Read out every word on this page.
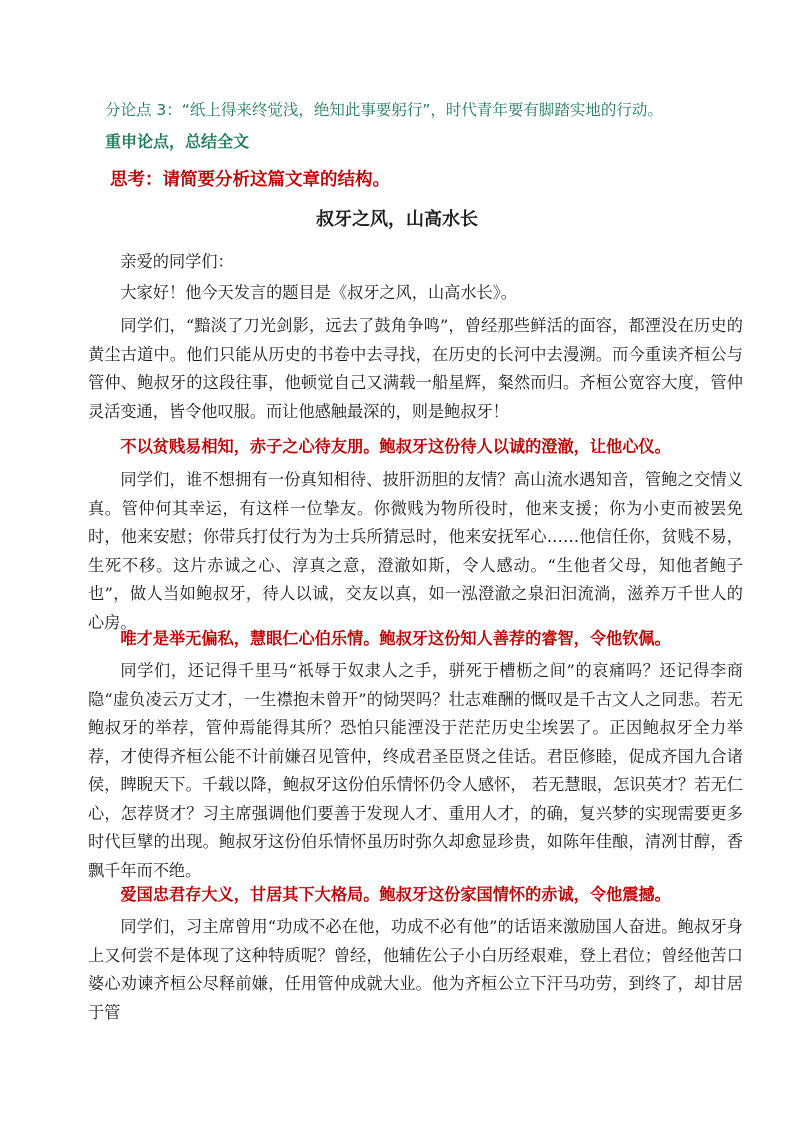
分论点 3：“纸上得来终觉浅，绝知此事要躬行”，时代青年要有脚踏实地的行动。
重申论点，总结全文
思考：请简要分析这篇文章的结构。
叔牙之风，山高水长
亲爱的同学们：
大家好！他今天发言的题目是《叔牙之风，山高水长》。
同学们，“黯淡了刀光剑影，远去了鼓角争鸣”，曾经那些鲜活的面容，都湮没在历史的黄尘古道中。他们只能从历史的书卷中去寻找，在历史的长河中去漫溯。而今重读齐桓公与管仲、鲍叔牙的这段往事，他顿觉自己又满载一船星辉，粲然而归。齐桓公宽容大度，管仲灵活变通，皆令他叹服。而让他感触最深的，则是鲍叔牙！
不以贫贱易相知，赤子之心待友朋。鲍叔牙这份待人以诚的澄澈，让他心仪。
同学们，谁不想拥有一份真知相待、披肝沥胆的友情？高山流水遇知音，管鲍之交情义真。管仲何其幸运，有这样一位挚友。你微贱为物所役时，他来支援；你为小吏而被罢免时，他来安慰；你带兵打仗行为为士兵所猜忌时，他来安抚军心……他信任你，贫贱不易，生死不移。这片赤诚之心、淳真之意，澄澈如斯，令人感动。“生他者父母，知他者鲍子也”，做人当如鲍叔牙，待人以诚，交友以真，如一泓澄澈之泉汩汩流淌，滋养万千世人的心房。
唯才是举无偏私，慧眼仁心伯乐情。鲍叔牙这份知人善荐的睿智，令他钦佩。
同学们，还记得千里马“祇辱于奴隶人之手，骈死于槽枥之间”的哀痛吗？还记得李商隐“虚负凌云万丈才，一生襟抱未曾开”的恸哭吗？壮志难酬的慨叹是千古文人之同悲。若无鲍叔牙的举荐，管仲焉能得其所？恐怕只能湮没于茫茫历史尘埃罢了。正因鲍叔牙全力举荐，才使得齐桓公能不计前嫌召见管仲，终成君圣臣贤之佳话。君臣修睦，促成齐国九合诸侯，睥睨天下。千载以降，鲍叔牙这份伯乐情怀仍令人感怀， 若无慧眼，怎识英才？若无仁心，怎荐贤才？习主席强调他们要善于发现人才、重用人才，的确，复兴梦的实现需要更多时代巨擘的出现。鲍叔牙这份伯乐情怀虽历时弥久却愈显珍贵，如陈年佳酿，清冽甘醇，香飘千年而不绝。
爱国忠君存大义，甘居其下大格局。鲍叔牙这份家国情怀的赤诚，令他震撼。
同学们，习主席曾用“功成不必在他，功成不必有他”的话语来激励国人奋进。鲍叔牙身上又何尝不是体现了这种特质呢？曾经，他辅佐公子小白历经艰难，登上君位；曾经他苦口婆心劝谏齐桓公尽释前嫌，任用管仲成就大业。他为齐桓公立下汗马功劳，到终了，却甘居于管
